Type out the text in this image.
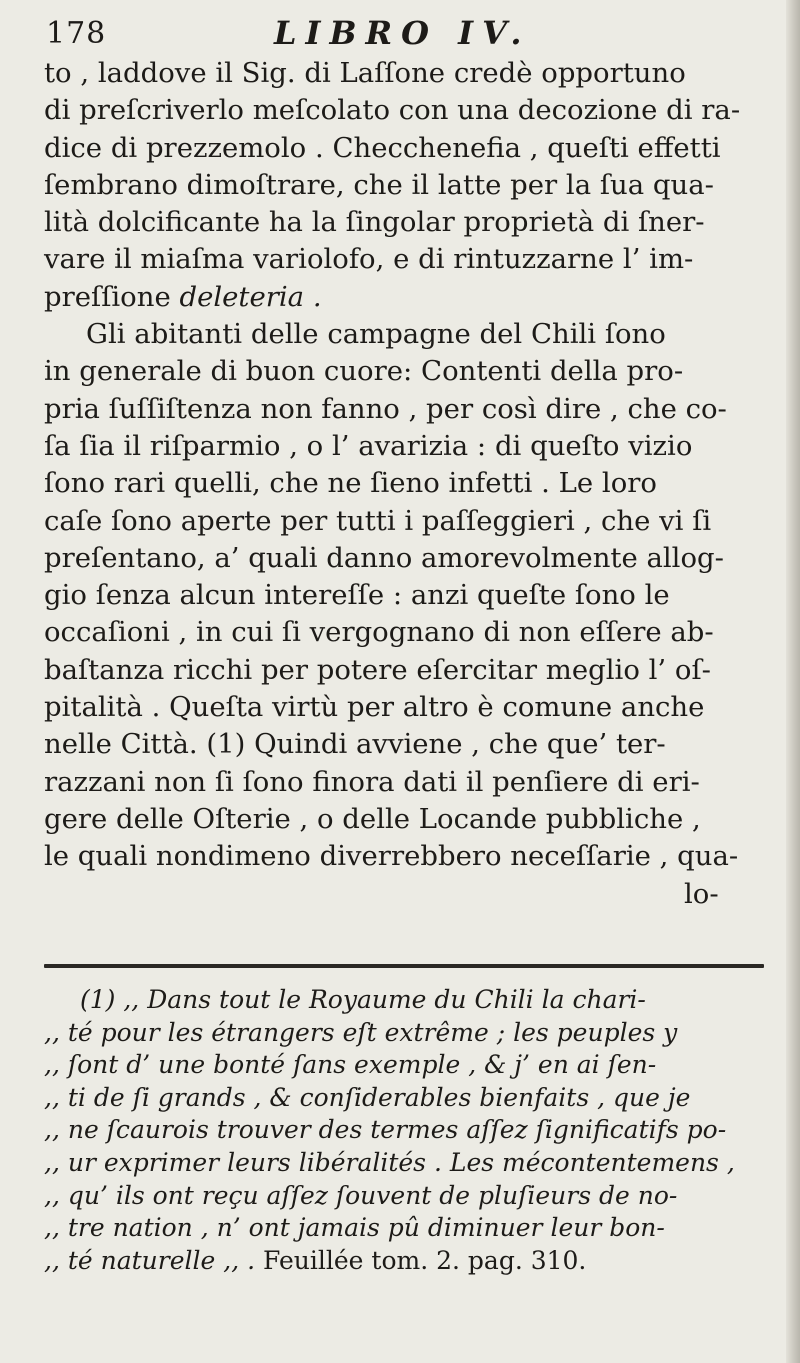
178	LIBRO IV.
to , laddove il Sig. di Laſſone credè opportuno
di preſcriverlo meſcolato con una decozione di ra-
dice di prezzemolo . Checchenefia , queſti effetti
ſembrano dimoſtrare, che il latte per la ſua qua-
lità dolcificante ha la ſingolar proprietà di ſner-
vare il miaſma variolofo, e di rintuzzarne l’ im-
preſſione deleteria .
Gli abitanti delle campagne del Chili ſono
in generale di buon cuore: Contenti della pro-
pria ſuſſiſtenza non fanno , per così dire , che co-
ſa ſia il riſparmio , o l’ avarizia : di queſto vizio
ſono rari quelli, che ne ſieno infetti . Le loro
caſe ſono aperte per tutti i paſſeggieri , che vi ſi
preſentano, a’ quali danno amorevolmente allog-
gio ſenza alcun intereſſe : anzi queſte ſono le
occaſioni , in cui ſi vergognano di non eſſere ab-
baſtanza ricchi per potere eſercitar meglio l’ oſ-
pitalità . Queſta virtù per altro è comune anche
nelle Città. (1) Quindi avviene , che que’ ter-
razzani non ſi ſono finora dati il penſiere di eri-
gere delle Oſterie , o delle Locande pubbliche ,
le quali nondimeno diverrebbero neceſſarie , qua-
lo-
(1) ,, Dans tout le Royaume du Chili la chari-
,, té pour les étrangers eſt extrême ; les peuples y
,, ſont d’ une bonté ſans exemple , & j’ en ai ſen-
,, ti de ſi grands , & conſiderables bienfaits , que je
,, ne ſcaurois trouver des termes aſſez ſignificatifs po-
,, ur exprimer leurs libéralités . Les mécontentemens ,
,, qu’ ils ont reçu aſſez ſouvent de pluſieurs de no-
,, tre nation , n’ ont jamais pû diminuer leur bon-
,, té naturelle ,, . Feuillée tom. 2. pag. 310.
